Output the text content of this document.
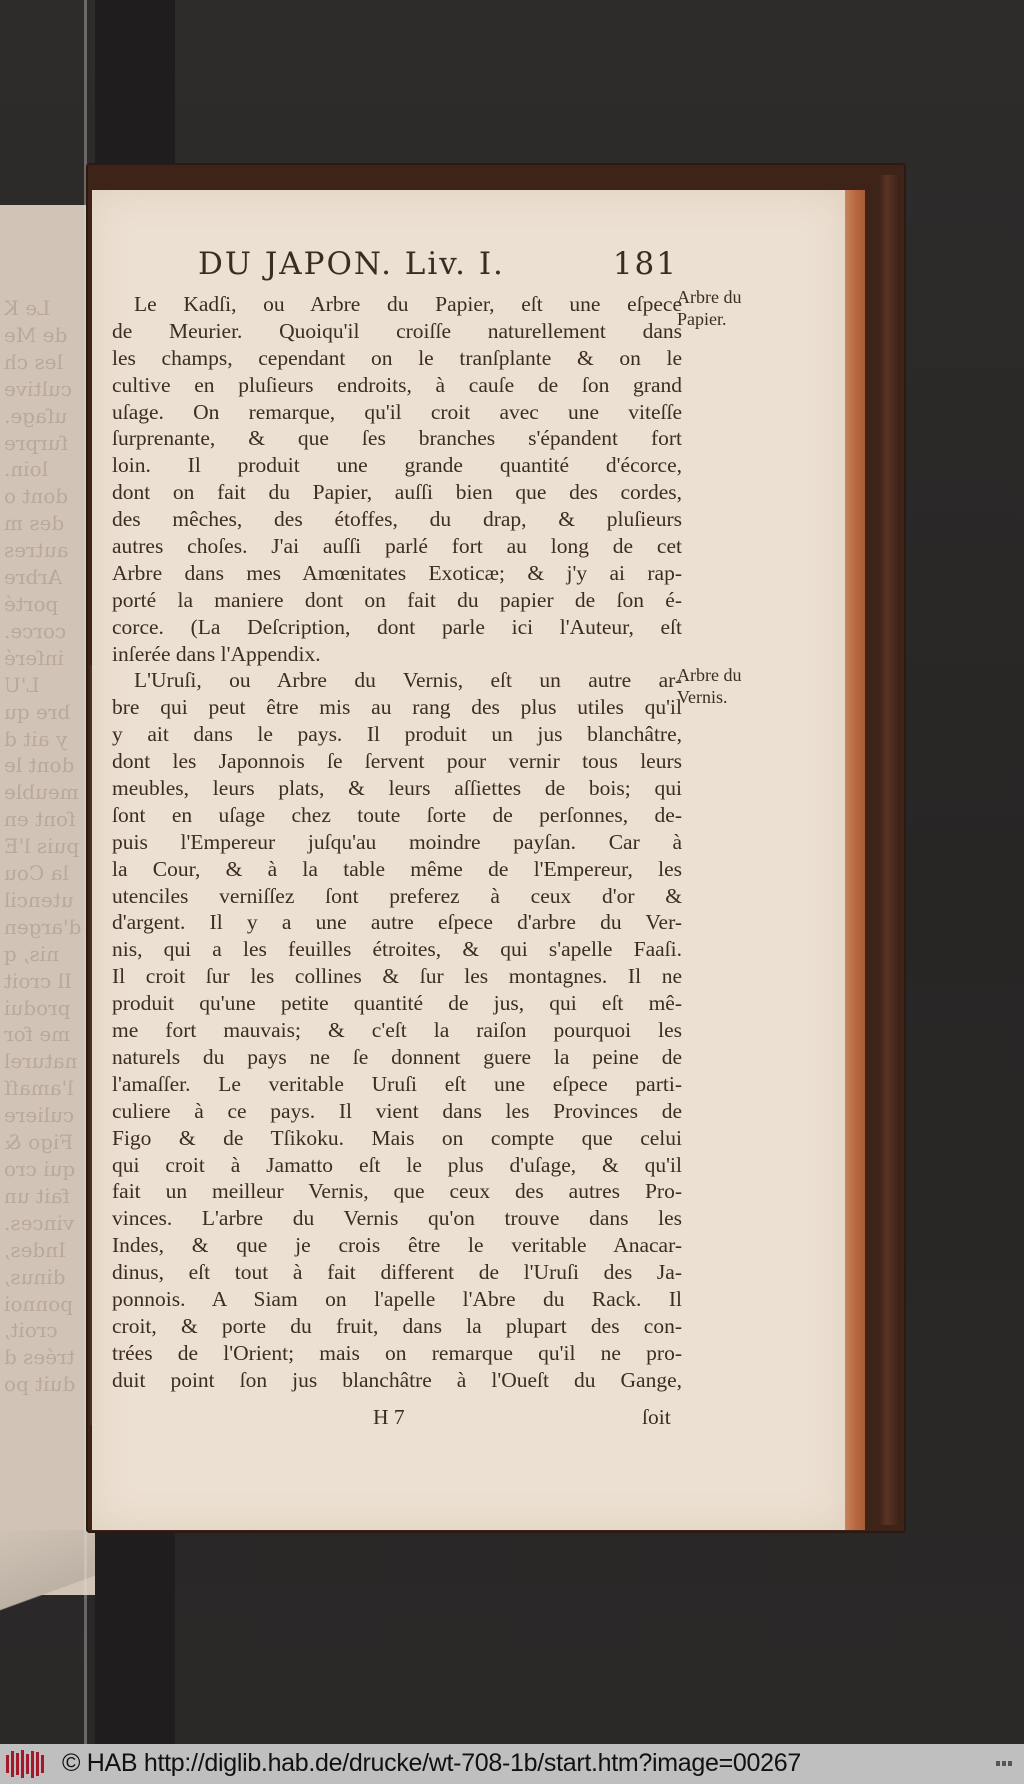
Le K
de Me
les ch
cultive
uſage.
ſurpre
loin.
dont o
des m
autres
Arbre
porté
corce.
inſeré
L'U
bre qu
y ait d
dont le
meuble
ſont en
puis l'E
la Cou
utencil
d'argen
nis, q
Il croit
produi
me for
naturel
l'amaſſ
culiere
Figo &
qui cro
fait un
vinces.
Indes,
dinus,
ponnoi
croit,
trées d
duit po
DU JAPON. Liv. I.	181
Le Kadſi, ou Arbre du Papier, eſt une eſpece
de Meurier. Quoiqu'il croiſſe naturellement dans
les champs, cependant on le tranſplante & on le
cultive en pluſieurs endroits, à cauſe de ſon grand
uſage. On remarque, qu'il croit avec une viteſſe
ſurprenante, & que ſes branches s'épandent fort
loin. Il produit une grande quantité d'écorce,
dont on fait du Papier, auſſi bien que des cordes,
des mêches, des étoffes, du drap, & pluſieurs
autres choſes. J'ai auſſi parlé fort au long de cet
Arbre dans mes Amœnitates Exoticæ; & j'y ai rap-
porté la maniere dont on fait du papier de ſon é-
corce. (La Deſcription, dont parle ici l'Auteur, eſt
inſerée dans l'Appendix.
L'Uruſi, ou Arbre du Vernis, eſt un autre ar-
bre qui peut être mis au rang des plus utiles qu'il
y ait dans le pays. Il produit un jus blanchâtre,
dont les Japonnois ſe ſervent pour vernir tous leurs
meubles, leurs plats, & leurs aſſiettes de bois; qui
ſont en uſage chez toute ſorte de perſonnes, de-
puis l'Empereur juſqu'au moindre payſan. Car à
la Cour, & à la table même de l'Empereur, les
utenciles verniſſez ſont preferez à ceux d'or &
d'argent. Il y a une autre eſpece d'arbre du Ver-
nis, qui a les feuilles étroites, & qui s'apelle Faaſi.
Il croit ſur les collines & ſur les montagnes. Il ne
produit qu'une petite quantité de jus, qui eſt mê-
me fort mauvais; & c'eſt la raiſon pourquoi les
naturels du pays ne ſe donnent guere la peine de
l'amaſſer. Le veritable Uruſi eſt une eſpece parti-
culiere à ce pays. Il vient dans les Provinces de
Figo & de Tſikoku. Mais on compte que celui
qui croit à Jamatto eſt le plus d'uſage, & qu'il
fait un meilleur Vernis, que ceux des autres Pro-
vinces. L'arbre du Vernis qu'on trouve dans les
Indes, & que je crois être le veritable Anacar-
dinus, eſt tout à fait different de l'Uruſi des Ja-
ponnois. A Siam on l'apelle l'Abre du Rack. Il
croit, & porte du fruit, dans la plupart des con-
trées de l'Orient; mais on remarque qu'il ne pro-
duit point ſon jus blanchâtre à l'Oueſt du Gange,
Arbre du
Papier.
Arbre du
Vernis.
H 7	ſoit
© HAB http://diglib.hab.de/drucke/wt-708-1b/start.htm?image=00267
